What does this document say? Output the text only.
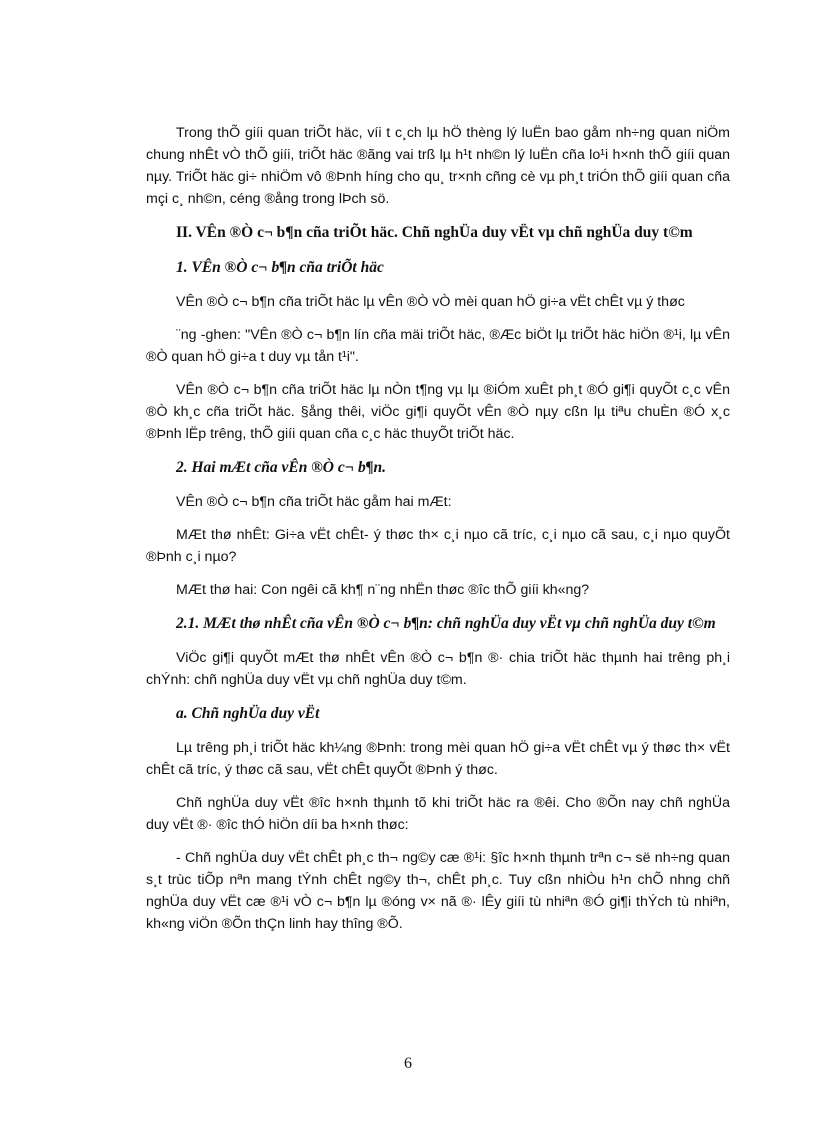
Trong thÕ giíi quan triÕt häc, víi t c¸ch lµ hÖ thèng lý luËn bao gåm nh÷ng quan niÖm chung nhÊt vÒ thÕ giíi, triÕt häc ®ãng vai trß lµ h¹t nh©n lý luËn cña lo¹i h×nh thÕ giíi quan nµy. TriÕt häc gi÷ nhiÖm vô ®Þnh híng cho qu¸ tr×nh cñng cè vµ ph¸t triÓn thÕ giíi quan cña mçi c¸ nh©n, céng ®ång trong lÞch sö.

II. VÊn ®Ò c¬ b¶n cña triÕt häc. Chñ nghÜa duy vËt vµ chñ nghÜa duy t©m

1. VÊn ®Ò c¬ b¶n cña triÕt häc

VÊn ®Ò c¬ b¶n cña triÕt häc lµ vÊn ®Ò vÒ mèi quan hÖ gi÷a vËt chÊt vµ ý thøc

¨ng -ghen: "VÊn ®Ò c¬ b¶n lín cña mäi triÕt häc, ®Æc biÖt lµ triÕt häc hiÖn ®¹i, lµ vÊn ®Ò quan hÖ gi÷a t duy vµ tån t¹i".

VÊn ®Ò c¬ b¶n cña triÕt häc lµ nÒn t¶ng vµ lµ ®iÓm xuÊt ph¸t ®Ó gi¶i quyÕt c¸c vÊn ®Ò kh¸c cña triÕt häc. §ång thêi, viÖc gi¶i quyÕt vÊn ®Ò nµy cßn lµ tiªu chuÈn ®Ó x¸c ®Þnh lËp trêng, thÕ giíi quan cña c¸c häc thuyÕt triÕt häc.

2. Hai mÆt cña vÊn ®Ò c¬ b¶n.

VÊn ®Ò c¬ b¶n cña triÕt häc gåm hai mÆt:

MÆt thø nhÊt: Gi÷a vËt chÊt- ý thøc th× c¸i nµo cã tríc, c¸i nµo cã sau, c¸i nµo quyÕt ®Þnh c¸i nµo?

MÆt thø hai: Con ngêi cã kh¶ n¨ng nhËn thøc ®îc thÕ giíi kh«ng?

2.1. MÆt thø nhÊt cña vÊn ®Ò c¬ b¶n: chñ nghÜa duy vËt vµ chñ nghÜa duy t©m

ViÖc gi¶i quyÕt mÆt thø nhÊt vÊn ®Ò c¬ b¶n ®· chia triÕt häc thµnh hai trêng ph¸i chÝnh: chñ nghÜa duy vËt vµ chñ nghÜa duy t©m.

a. Chñ nghÜa duy vËt

Lµ trêng ph¸i triÕt häc kh¼ng ®Þnh: trong mèi quan hÖ gi÷a vËt chÊt vµ ý thøc th× vËt chÊt cã tríc, ý thøc cã sau, vËt chÊt quyÕt ®Þnh ý thøc.

Chñ nghÜa duy vËt ®îc h×nh thµnh tõ khi triÕt häc ra ®êi. Cho ®Õn nay chñ nghÜa duy vËt ®· ®îc thÓ hiÖn díi ba h×nh thøc:

- Chñ nghÜa duy vËt chÊt ph¸c th¬ ng©y cæ ®¹i: §îc h×nh thµnh trªn c¬ së nh÷ng quan s¸t trùc tiÕp nªn mang tÝnh chÊt ng©y th¬, chÊt ph¸c. Tuy cßn nhiÒu h¹n chÕ nhng chñ nghÜa duy vËt cæ ®¹i vÒ c¬ b¶n lµ ®óng v× nã ®· lÊy giíi tù nhiªn ®Ó gi¶i thÝch tù nhiªn, kh«ng viÖn ®Õn thÇn linh hay thîng ®Õ.

6
